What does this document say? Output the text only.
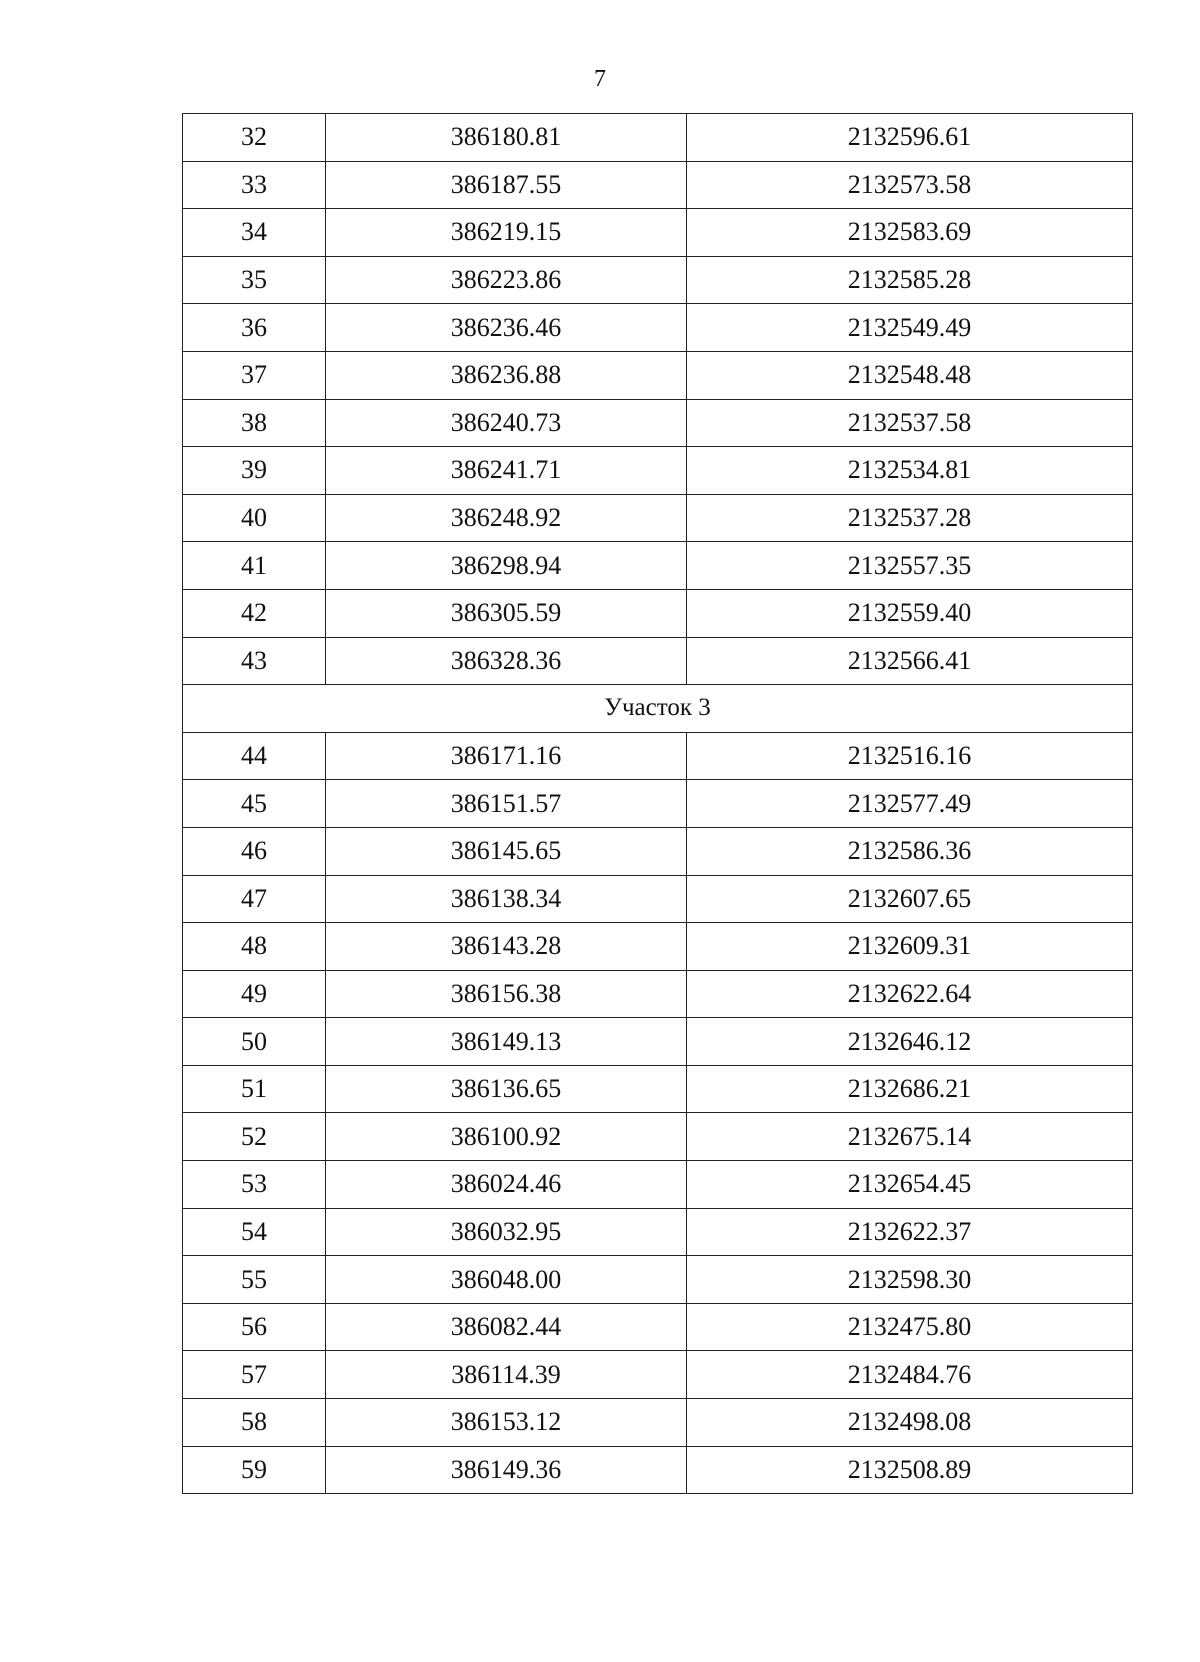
7
32	386180.81	2132596.61
33	386187.55	2132573.58
34	386219.15	2132583.69
35	386223.86	2132585.28
36	386236.46	2132549.49
37	386236.88	2132548.48
38	386240.73	2132537.58
39	386241.71	2132534.81
40	386248.92	2132537.28
41	386298.94	2132557.35
42	386305.59	2132559.40
43	386328.36	2132566.41
Участок 3		
44	386171.16	2132516.16
45	386151.57	2132577.49
46	386145.65	2132586.36
47	386138.34	2132607.65
48	386143.28	2132609.31
49	386156.38	2132622.64
50	386149.13	2132646.12
51	386136.65	2132686.21
52	386100.92	2132675.14
53	386024.46	2132654.45
54	386032.95	2132622.37
55	386048.00	2132598.30
56	386082.44	2132475.80
57	386114.39	2132484.76
58	386153.12	2132498.08
59	386149.36	2132508.89
